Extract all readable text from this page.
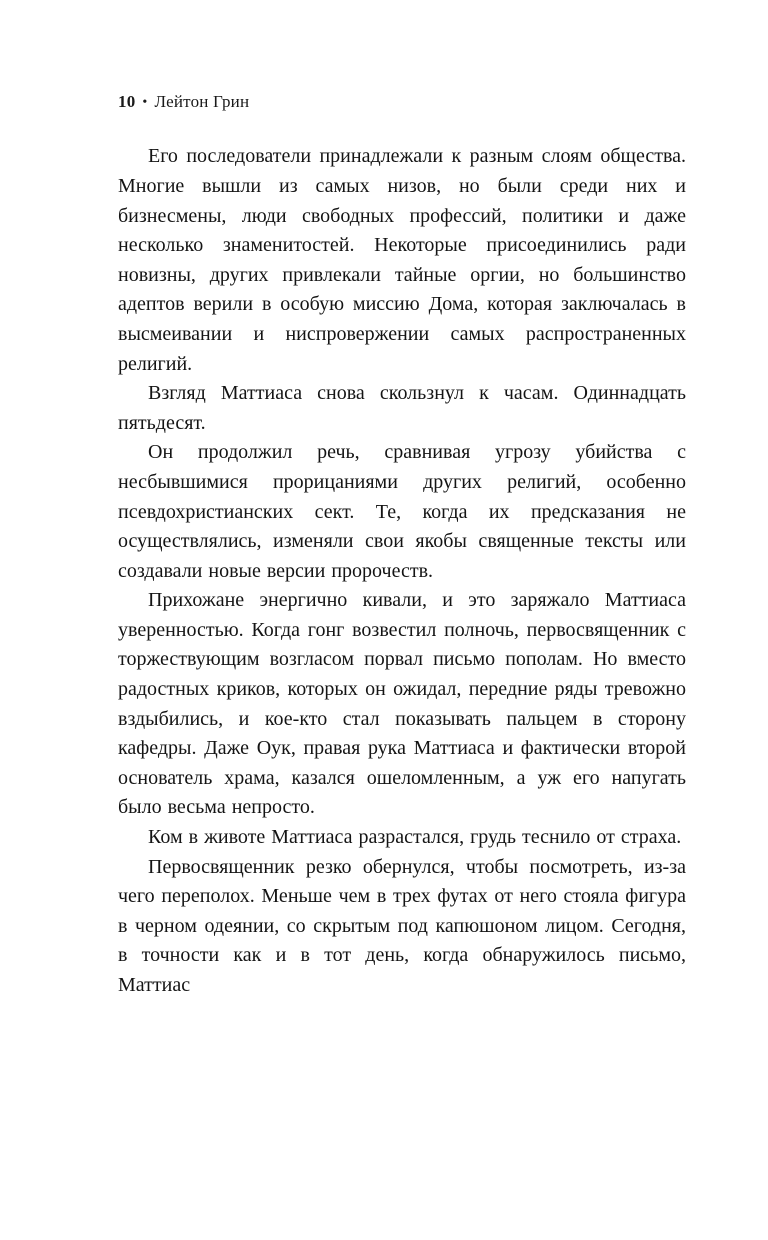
10 • Лейтон Грин

Его последователи принадлежали к разным слоям общества. Многие вышли из самых низов, но были среди них и бизнесмены, люди свободных профессий, политики и даже несколько знаменитостей. Некоторые присоединились ради новизны, других привлекали тайные оргии, но большинство адептов верили в особую миссию Дома, которая заключалась в высмеивании и ниспровержении самых распространенных религий.

Взгляд Маттиаса снова скользнул к часам. Одиннадцать пятьдесят.

Он продолжил речь, сравнивая угрозу убийства с несбывшимися прорицаниями других религий, особенно псевдохристианских сект. Те, когда их предсказания не осуществлялись, изменяли свои якобы священные тексты или создавали новые версии пророчеств.

Прихожане энергично кивали, и это заряжало Маттиаса уверенностью. Когда гонг возвестил полночь, первосвященник с торжествующим возгласом порвал письмо пополам. Но вместо радостных криков, которых он ожидал, передние ряды тревожно вздыбились, и кое-кто стал показывать пальцем в сторону кафедры. Даже Оук, правая рука Маттиаса и фактически второй основатель храма, казался ошеломленным, а уж его напугать было весьма непросто.

Ком в животе Маттиаса разрастался, грудь теснило от страха.

Первосвященник резко обернулся, чтобы посмотреть, из-за чего переполох. Меньше чем в трех футах от него стояла фигура в черном одеянии, со скрытым под капюшоном лицом. Сегодня, в точности как и в тот день, когда обнаружилось письмо, Маттиас
